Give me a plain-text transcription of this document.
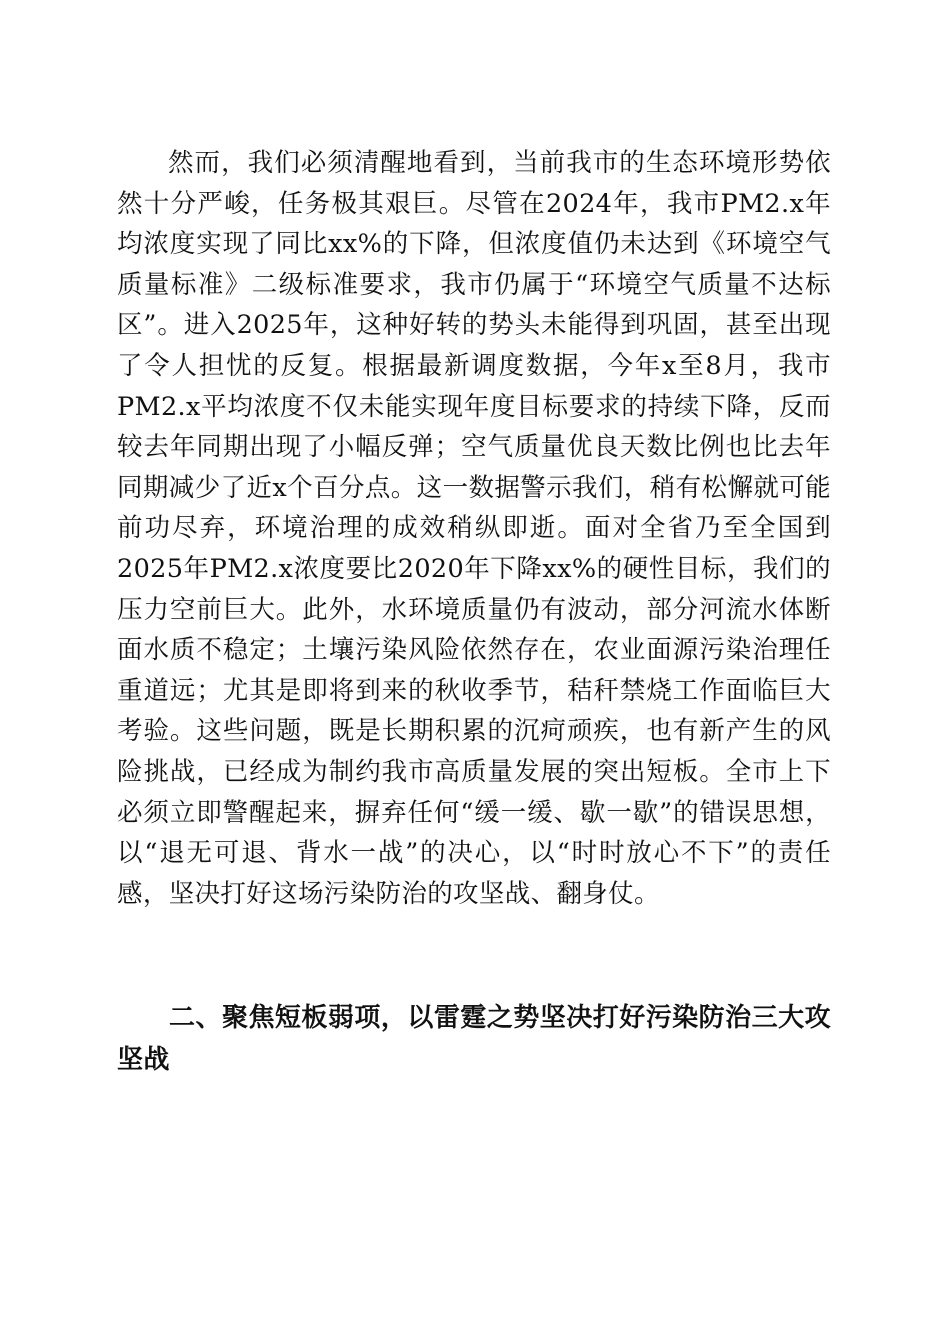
然而，我们必须清醒地看到，当前我市的生态环境形势依然十分严峻，任务极其艰巨。尽管在2024年，我市PM2.x年均浓度实现了同比xx%的下降，但浓度值仍未达到《环境空气质量标准》二级标准要求，我市仍属于“环境空气质量不达标区”。进入2025年，这种好转的势头未能得到巩固，甚至出现了令人担忧的反复。根据最新调度数据，今年x至8月，我市PM2.x平均浓度不仅未能实现年度目标要求的持续下降，反而较去年同期出现了小幅反弹；空气质量优良天数比例也比去年同期减少了近x个百分点。这一数据警示我们，稍有松懈就可能前功尽弃，环境治理的成效稍纵即逝。面对全省乃至全国到2025年PM2.x浓度要比2020年下降xx%的硬性目标，我们的压力空前巨大。此外，水环境质量仍有波动，部分河流水体断面水质不稳定；土壤污染风险依然存在，农业面源污染治理任重道远；尤其是即将到来的秋收季节，秸秆禁烧工作面临巨大考验。这些问题，既是长期积累的沉疴顽疾，也有新产生的风险挑战，已经成为制约我市高质量发展的突出短板。全市上下必须立即警醒起来，摒弃任何“缓一缓、歇一歇”的错误思想，以“退无可退、背水一战”的决心，以“时时放心不下”的责任感，坚决打好这场污染防治的攻坚战、翻身仗。

二、聚焦短板弱项，以雷霆之势坚决打好污染防治三大攻坚战
